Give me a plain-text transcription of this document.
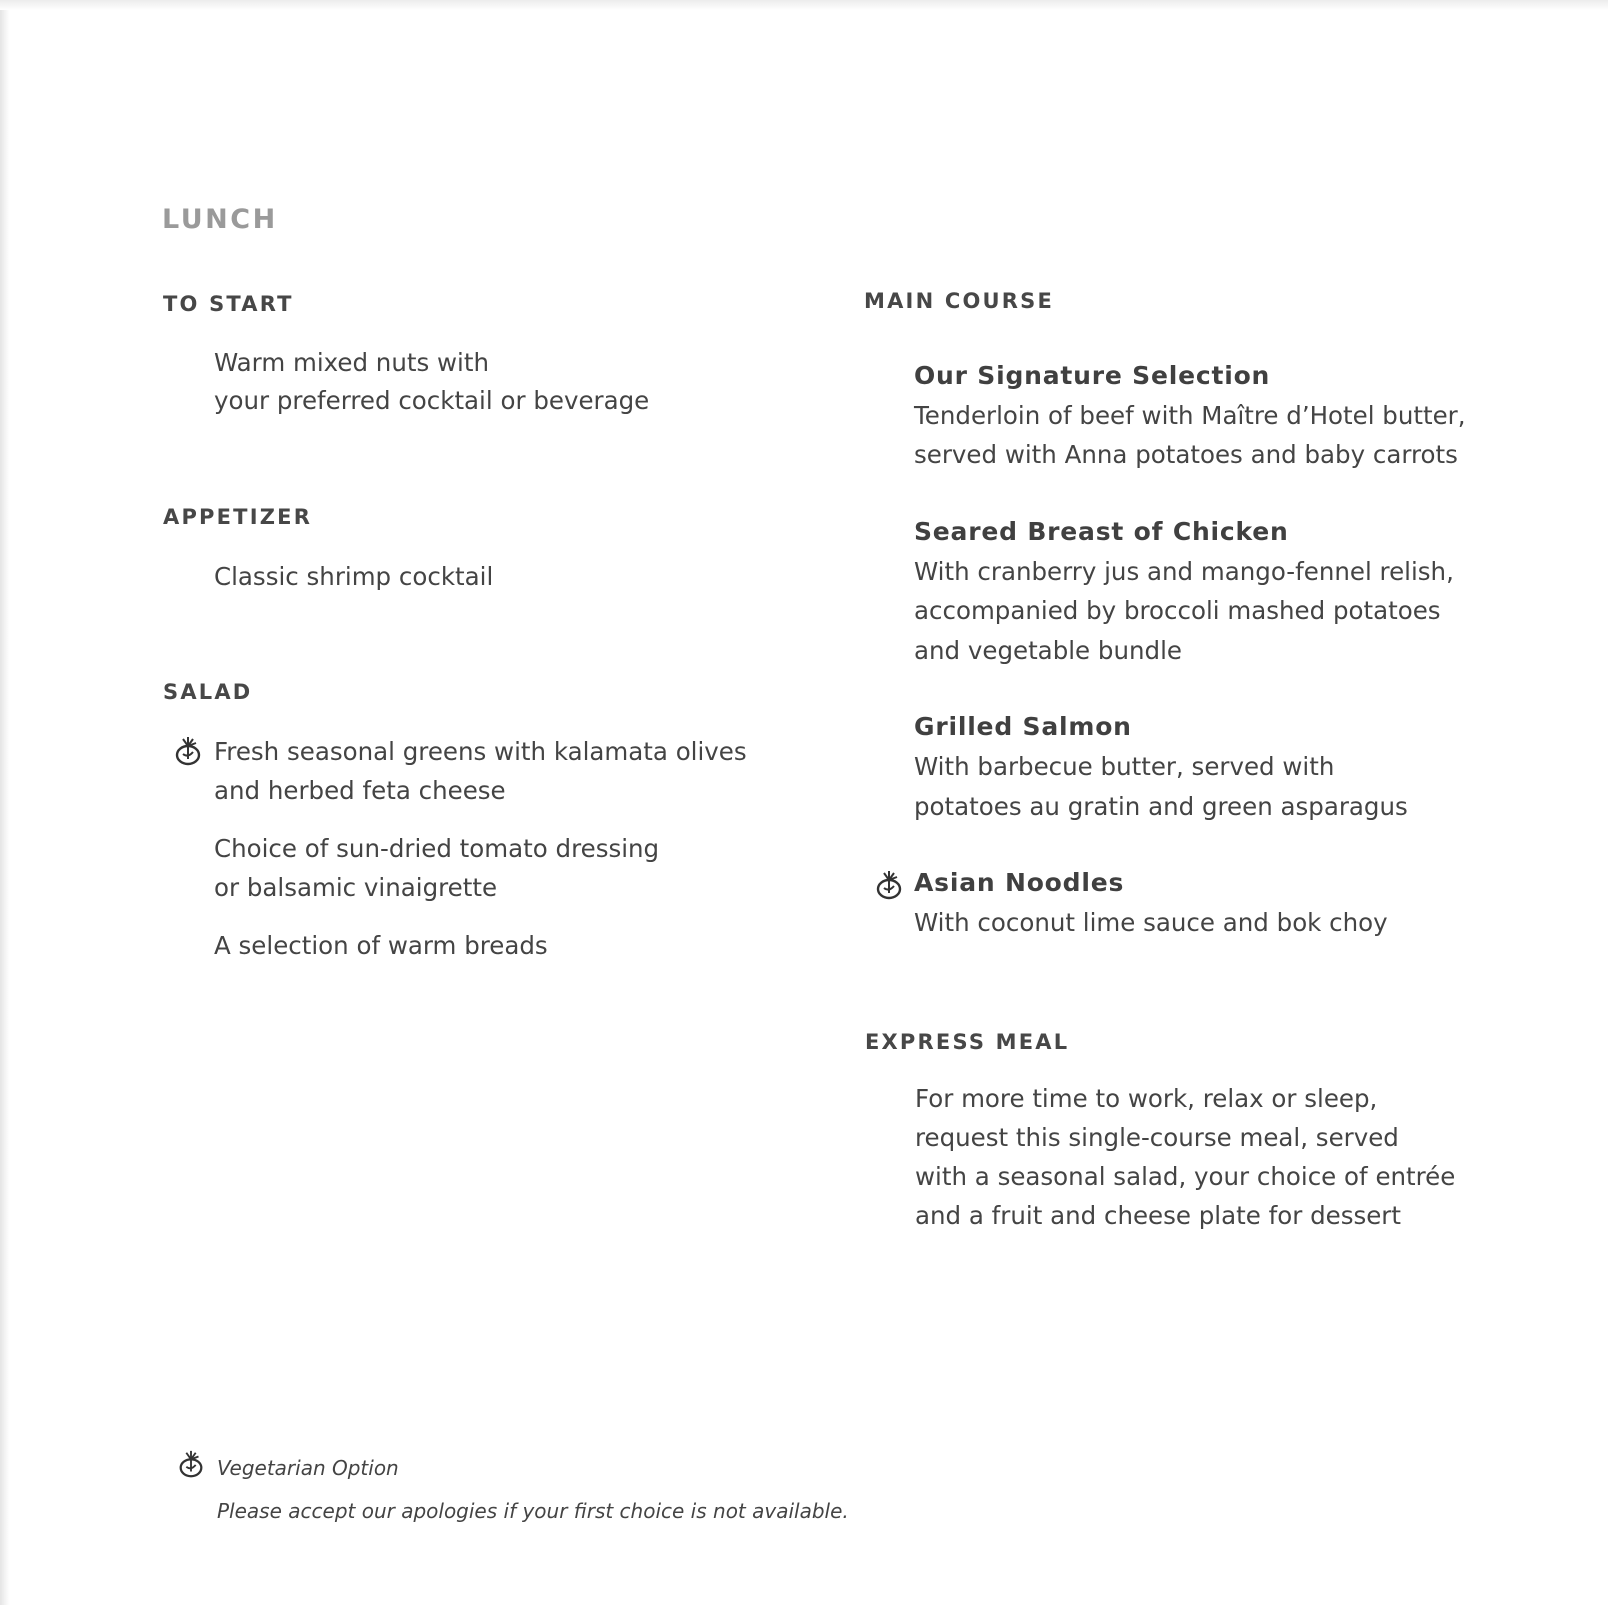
LUNCH
TO START

Warm mixed nuts with

your preferred cocktail or beverage

APPETIZER

Classic shrimp cocktail

SALAD

Fresh seasonal greens with kalamata olives

and herbed feta cheese

Choice of sun-dried tomato dressing

or balsamic vinaigrette

A selection of warm breads

MAIN COURSE

Our Signature Selection

Tenderloin of beef with Maître d’Hotel butter,

served with Anna potatoes and baby carrots

Seared Breast of Chicken

With cranberry jus and mango-fennel relish,

accompanied by broccoli mashed potatoes

and vegetable bundle

Grilled Salmon

With barbecue butter, served with

potatoes au gratin and green asparagus

Asian Noodles

With coconut lime sauce and bok choy

EXPRESS MEAL

For more time to work, relax or sleep,

request this single-course meal, served

with a seasonal salad, your choice of entrée

and a fruit and cheese plate for dessert

Vegetarian Option

Please accept our apologies if your first choice is not available.
